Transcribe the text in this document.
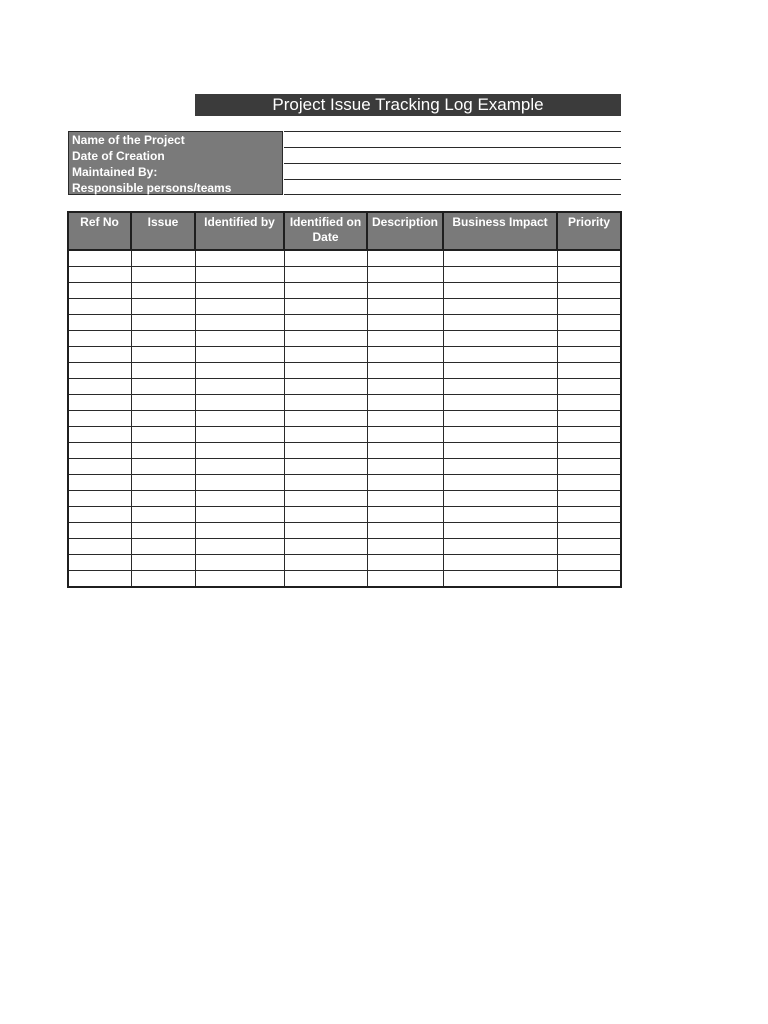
Project Issue Tracking Log Example
Name of the Project
Date of Creation
Maintained By:
Responsible persons/teams
Ref No	Issue	Identified by	Identified on Date	Description	Business Impact	Priority
